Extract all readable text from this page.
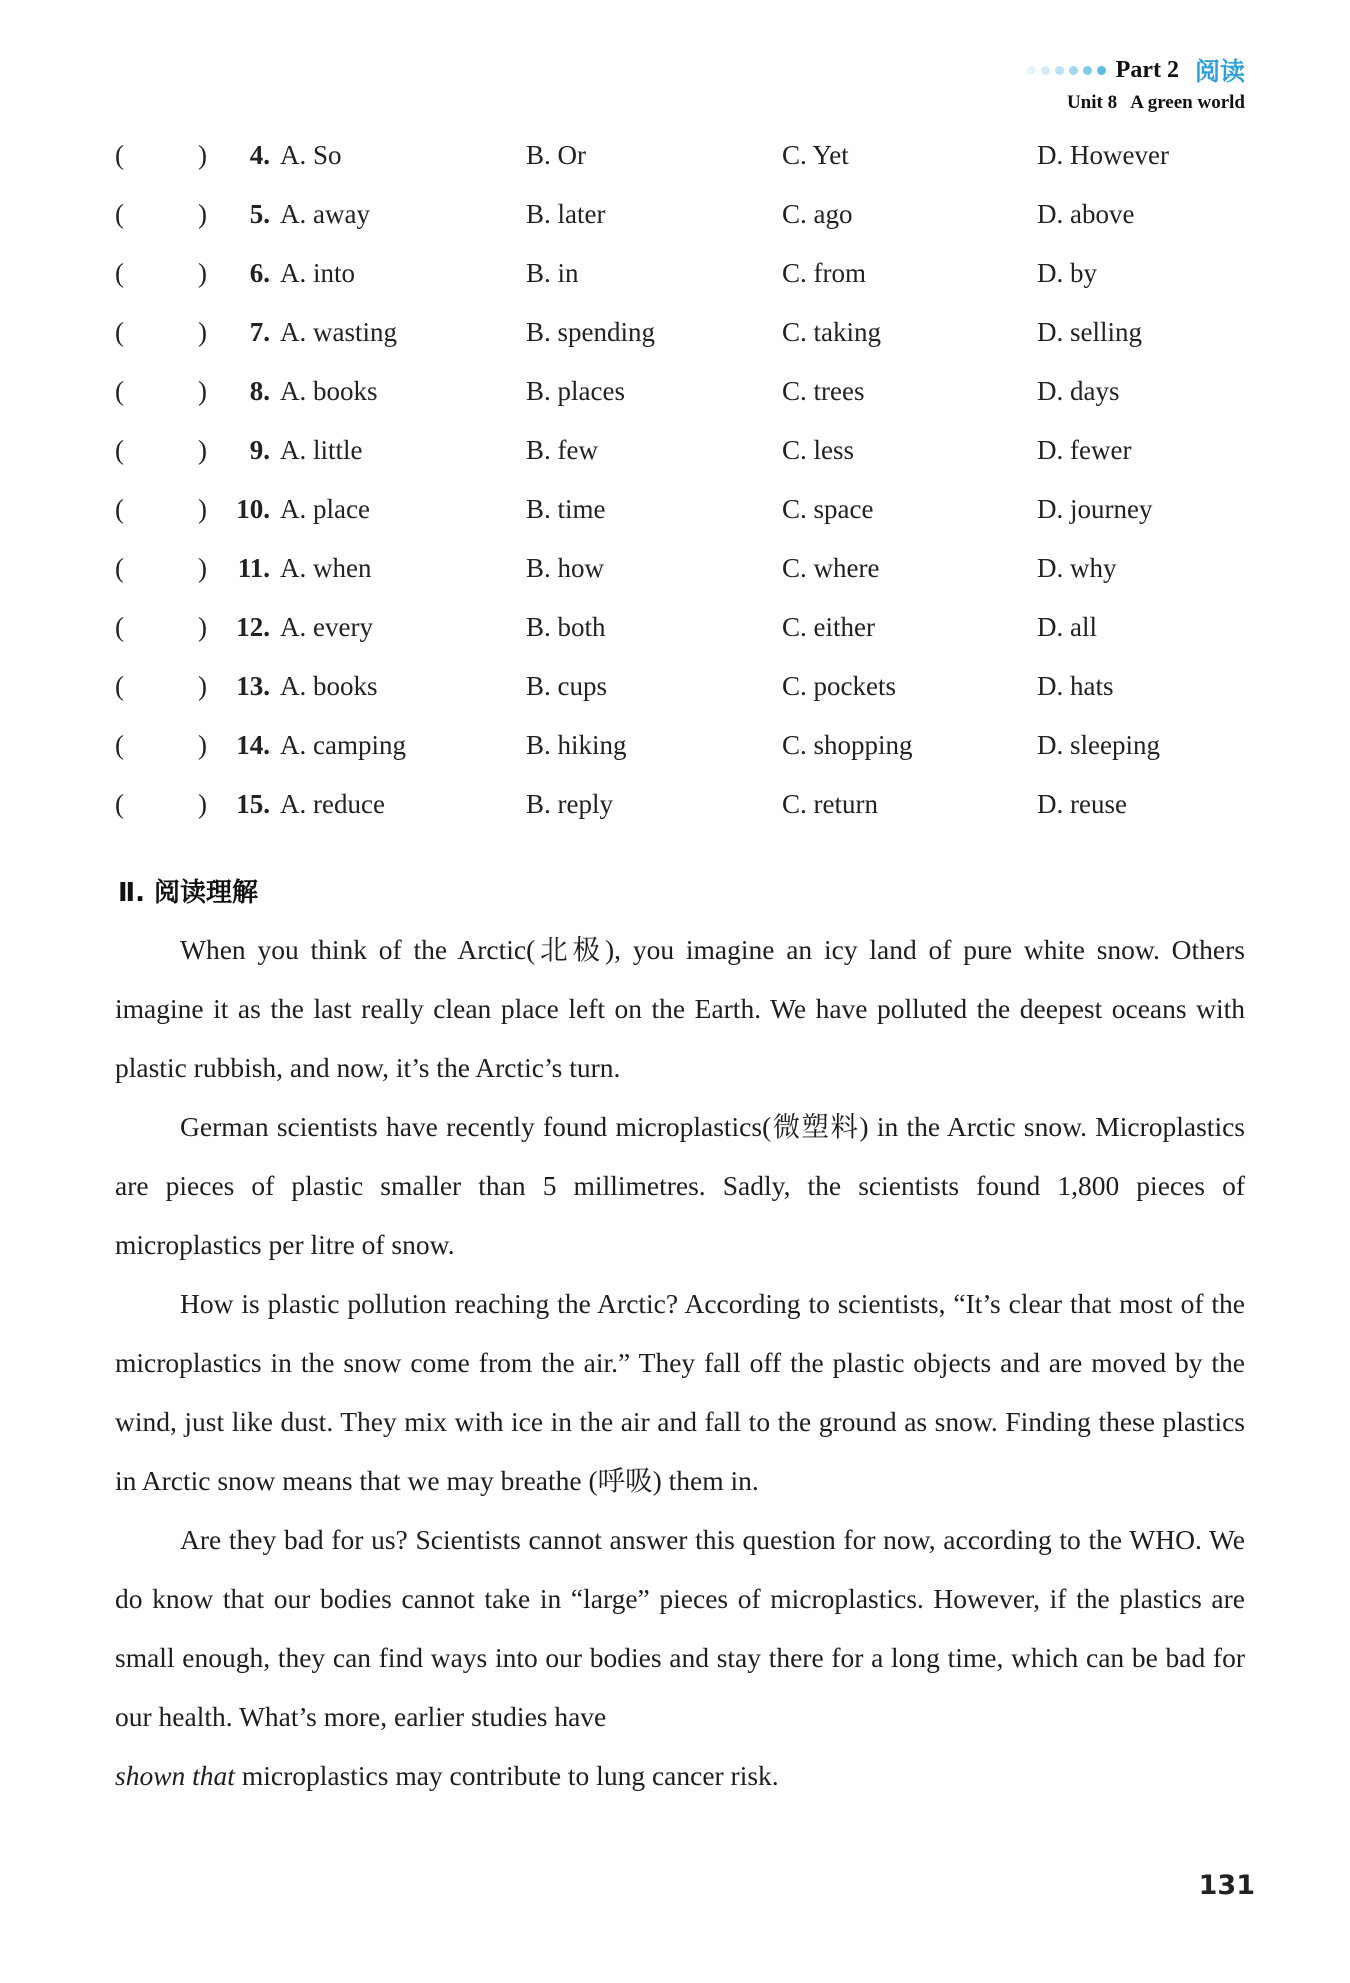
Part 2 阅读
Unit 8 A green world
(	)	4. A. So	B. Or	C. Yet	D. However
(	)	5. A. away	B. later	C. ago	D. above
(	)	6. A. into	B. in	C. from	D. by
(	)	7. A. wasting	B. spending	C. taking	D. selling
(	)	8. A. books	B. places	C. trees	D. days
(	)	9. A. little	B. few	C. less	D. fewer
(	)	10. A. place	B. time	C. space	D. journey
(	)	11. A. when	B. how	C. where	D. why
(	)	12. A. every	B. both	C. either	D. all
(	)	13. A. books	B. cups	C. pockets	D. hats
(	)	14. A. camping	B. hiking	C. shopping	D. sleeping
(	)	15. A. reduce	B. reply	C. return	D. reuse
Ⅱ. 阅读理解

When you think of the Arctic(北极), you imagine an icy land of pure white snow. Others imagine it as the last really clean place left on the Earth. We have polluted the deepest oceans with plastic rubbish, and now, it’s the Arctic’s turn.

German scientists have recently found microplastics(微塑料) in the Arctic snow. Microplastics are pieces of plastic smaller than 5 millimetres. Sadly, the scientists found 1,800 pieces of microplastics per litre of snow.

How is plastic pollution reaching the Arctic? According to scientists, “It’s clear that most of the microplastics in the snow come from the air.” They fall off the plastic objects and are moved by the wind, just like dust. They mix with ice in the air and fall to the ground as snow. Finding these plastics in Arctic snow means that we may breathe (呼吸) them in.

Are they bad for us? Scientists cannot answer this question for now, according to the WHO. We do know that our bodies cannot take in “large” pieces of microplastics. However, if the plastics are small enough, they can find ways into our bodies and stay there for a long time, which can be bad for our health. What’s more, earlier studies have

shown that microplastics may contribute to lung cancer risk.
131
